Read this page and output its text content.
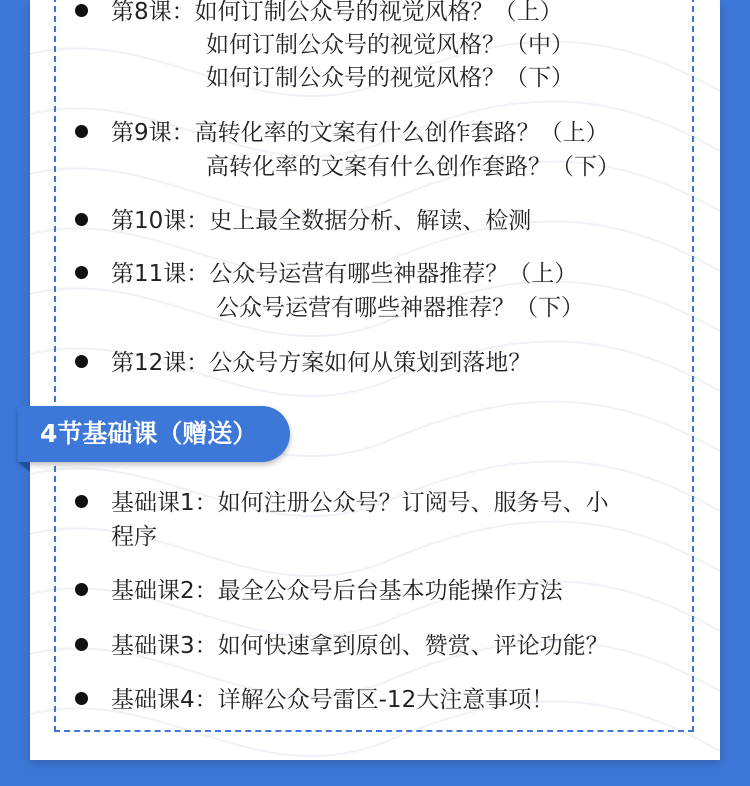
第8课：如何订制公众号的视觉风格？（上）
如何订制公众号的视觉风格？（中）
如何订制公众号的视觉风格？（下）
第9课：高转化率的文案有什么创作套路？（上）
高转化率的文案有什么创作套路？（下）
第10课：史上最全数据分析、解读、检测
第11课：公众号运营有哪些神器推荐？（上）
公众号运营有哪些神器推荐？（下）
第12课：公众号方案如何从策划到落地？
基础课1：如何注册公众号？订阅号、服务号、小
程序
基础课2：最全公众号后台基本功能操作方法
基础课3：如何快速拿到原创、赞赏、评论功能？
基础课4：详解公众号雷区-12大注意事项！
4节基础课（赠送）
